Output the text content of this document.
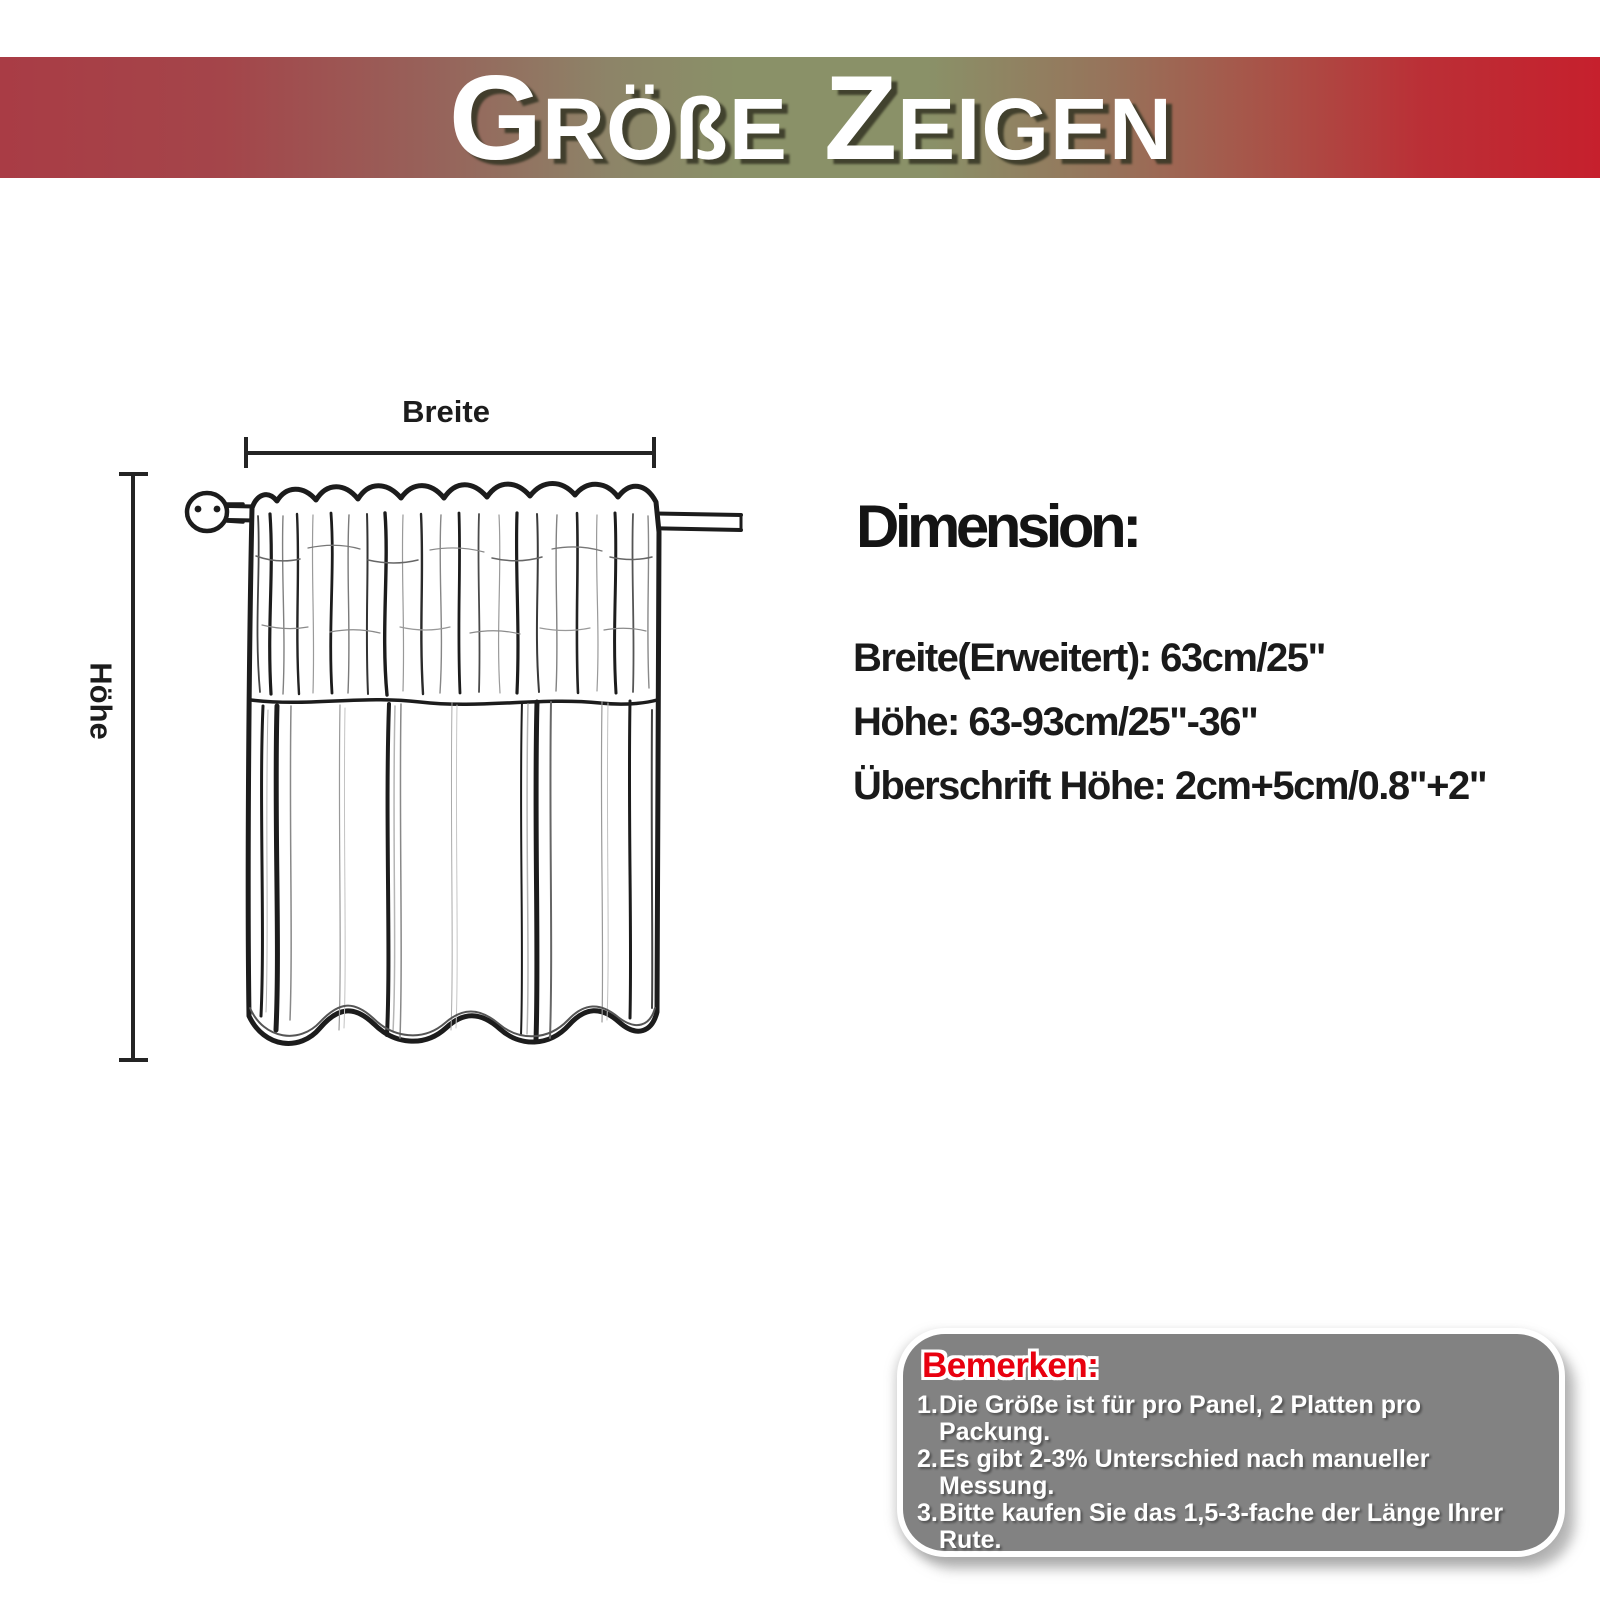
GRÖßE ZEIGEN
Breite
Höhe
Dimension:
Breite(Erweitert): 63cm/25"
Höhe: 63-93cm/25"-36"
Überschrift Höhe: 2cm+5cm/0.8"+2"
Bemerken:
1. Die Größe ist für pro Panel, 2 Platten pro
Packung.
2. Es gibt 2-3% Unterschied nach manueller
Messung.
3. Bitte kaufen Sie das 1,5-3-fache der Länge Ihrer
Rute.
